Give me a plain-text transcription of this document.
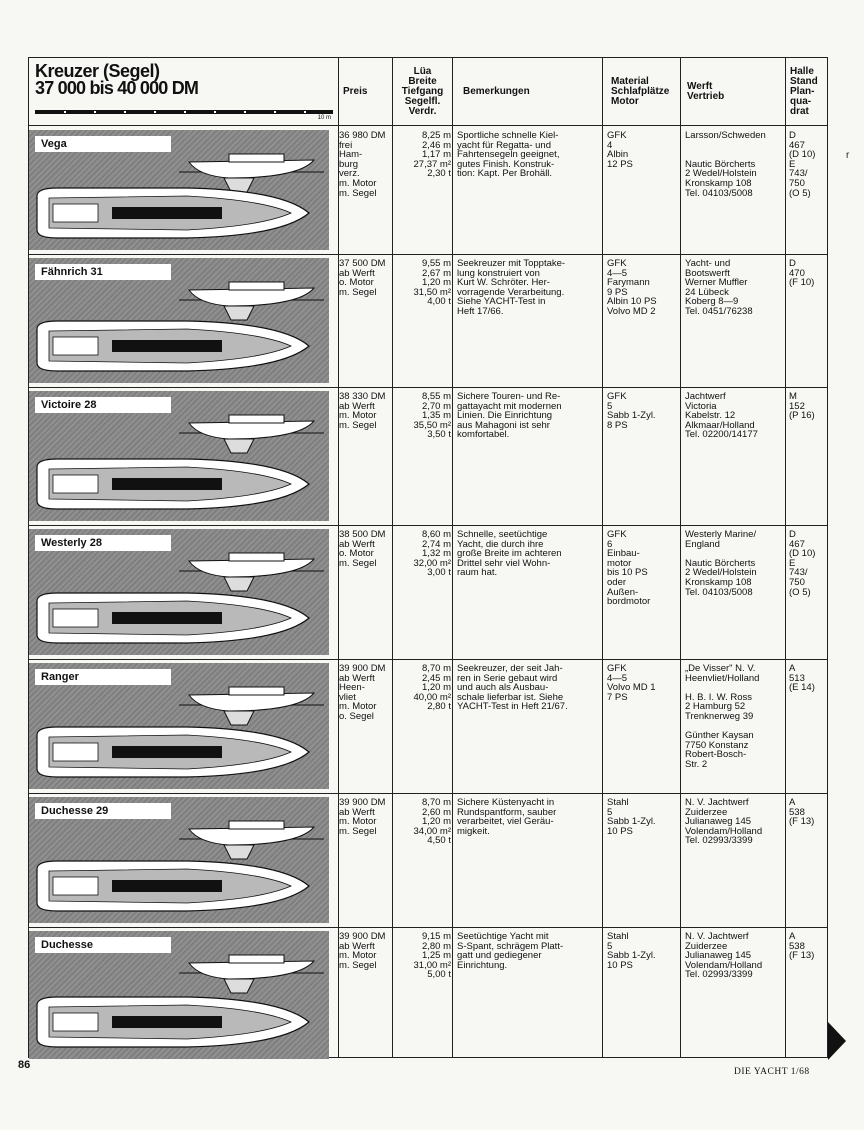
Kreuzer (Segel)
37 000 bis 40 000 DM
10 m
Preis
Lüa
Breite
Tiefgang
Segelfl.
Verdr.
Bemerkungen
Material
Schlafplätze
Motor
Werft
Vertrieb
Halle
Stand
Plan-
qua-
drat
Vega
36 980 DM
frei
Ham-
burg
verz.
m. Motor
m. Segel
8,25 m
2,46 m
1,17 m
27,37 m²
2,30 t
Sportliche schnelle Kiel-
yacht für Regatta- und
Fahrtensegeln geeignet,
gutes Finish. Konstruk-
tion: Kapt. Per Brohäll.
GFK
4
Albin
12 PS
Larsson/Schweden

Nautic Börcherts
2 Wedel/Holstein
Kronskamp 108
Tel. 04103/5008
D
467
(D 10)
E
743/
750
(O 5)
Fähnrich 31
37 500 DM
ab Werft
o. Motor
m. Segel
9,55 m
2,67 m
1,20 m
31,50 m²
4,00 t
Seekreuzer mit Topptake-
lung konstruiert von
Kurt W. Schröter. Her-
vorragende Verarbeitung.
Siehe YACHT-Test in
Heft 17/66.
GFK
4—5
Farymann
9 PS
Albin 10 PS
Volvo MD 2
Yacht- und
Bootswerft
Werner Muffler
24 Lübeck
Koberg 8—9
Tel. 0451/76238
D
470
(F 10)
Victoire 28
38 330 DM
ab Werft
m. Motor
m. Segel
8,55 m
2,70 m
1,35 m
35,50 m²
3,50 t
Sichere Touren- und Re-
gattayacht mit modernen
Linien. Die Einrichtung
aus Mahagoni ist sehr
komfortabel.
GFK
5
Sabb 1-Zyl.
8 PS
Jachtwerf
Victoria
Kabelstr. 12
Alkmaar/Holland
Tel. 02200/14177
M
152
(P 16)
Westerly 28
38 500 DM
ab Werft
o. Motor
m. Segel
8,60 m
2,74 m
1,32 m
32,00 m²
3,00 t
Schnelle, seetüchtige
Yacht, die durch ihre
große Breite im achteren
Drittel sehr viel Wohn-
raum hat.
GFK
6
Einbau-
motor
bis 10 PS
oder
Außen-
bordmotor
Westerly Marine/
England

Nautic Börcherts
2 Wedel/Holstein
Kronskamp 108
Tel. 04103/5008
D
467
(D 10)
E
743/
750
(O 5)
Ranger
39 900 DM
ab Werft
Heen-
vliet
m. Motor
o. Segel
8,70 m
2,45 m
1,20 m
40,00 m²
2,80 t
Seekreuzer, der seit Jah-
ren in Serie gebaut wird
und auch als Ausbau-
schale lieferbar ist. Siehe
YACHT-Test in Heft 21/67.
GFK
4—5
Volvo MD 1
7 PS
„De Visser" N. V.
Heenvliet/Holland

H. B. I. W. Ross
2 Hamburg 52
Trenknerweg 39

Günther Kaysan
7750 Konstanz
Robert-Bosch-
Str. 2
A
513
(E 14)
Duchesse 29
39 900 DM
ab Werft
m. Motor
m. Segel
8,70 m
2,60 m
1,20 m
34,00 m²
4,50 t
Sichere Küstenyacht in
Rundspantform, sauber
verarbeitet, viel Geräu-
migkeit.
Stahl
5
Sabb 1-Zyl.
10 PS
N. V. Jachtwerf
Zuiderzee
Julianaweg 145
Volendam/Holland
Tel. 02993/3399
A
538
(F 13)
Duchesse
39 900 DM
ab Werft
m. Motor
m. Segel
9,15 m
2,80 m
1,25 m
31,00 m²
5,00 t
Seetüchtige Yacht mit
S-Spant, schrägem Platt-
gatt und gediegener
Einrichtung.
Stahl
5
Sabb 1-Zyl.
10 PS
N. V. Jachtwerf
Zuiderzee
Julianaweg 145
Volendam/Holland
Tel. 02993/3399
A
538
(F 13)
86
DIE YACHT 1/68
r
